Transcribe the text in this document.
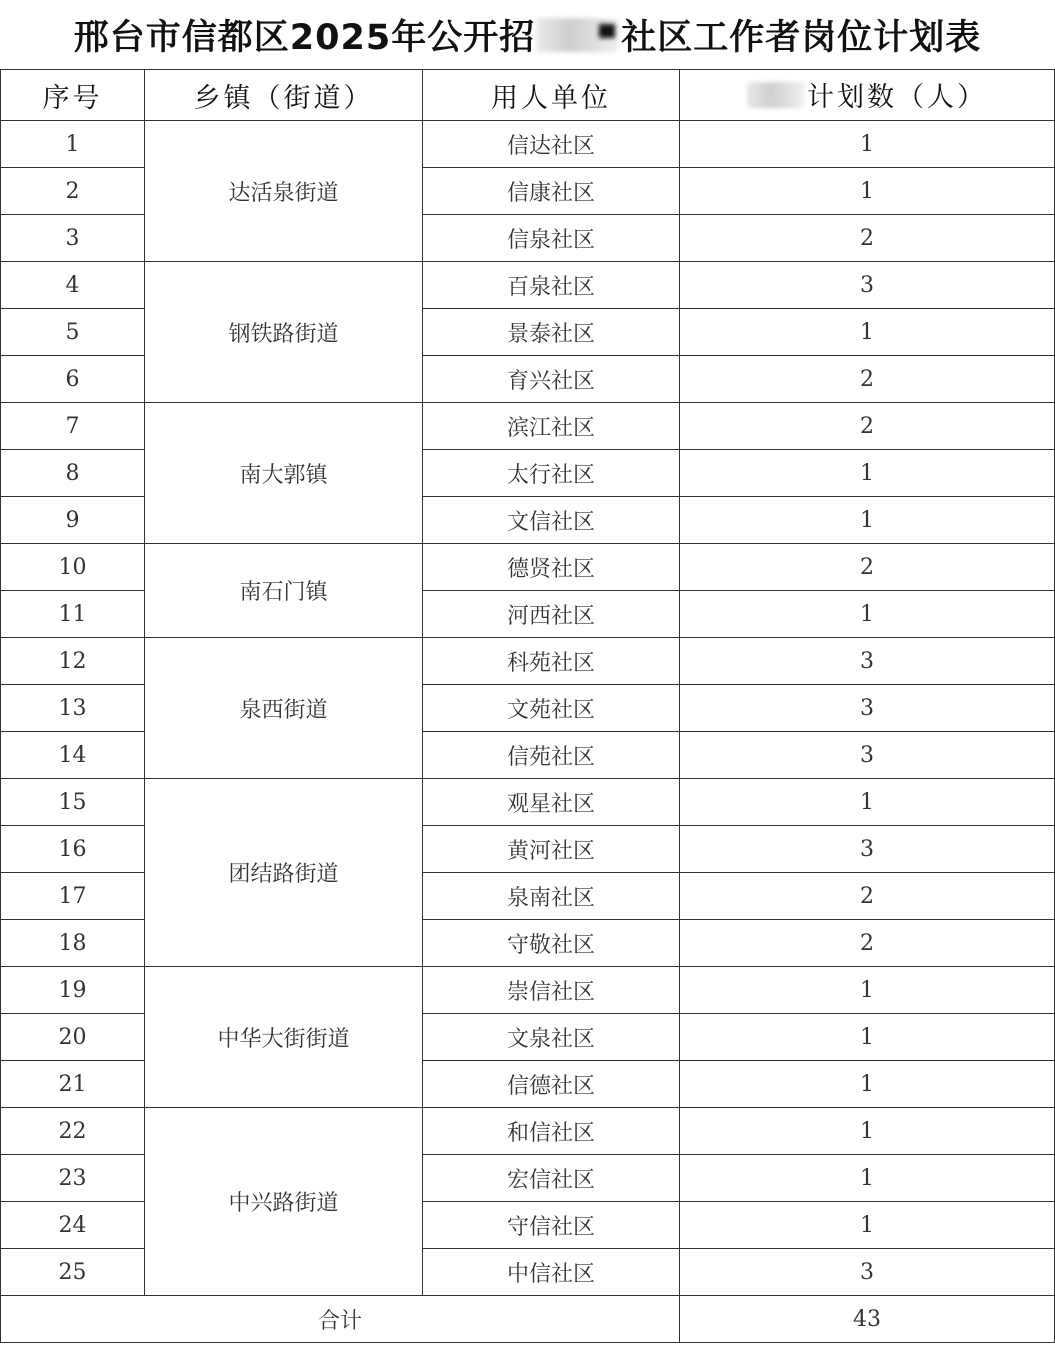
邢台市信都区2025年公开招 社区工作者岗位计划表
序号	乡镇（街道）	用人单位	计划数（人）

1	达活泉街道	信达社区	1
2		信康社区	1
3		信泉社区	2
4	钢铁路街道	百泉社区	3
5		景泰社区	1
6		育兴社区	2
7	南大郭镇	滨江社区	2
8		太行社区	1
9		文信社区	1
10	南石门镇	德贤社区	2
11		河西社区	1
12	泉西街道	科苑社区	3
13		文苑社区	3
14		信苑社区	3
15	团结路街道	观星社区	1
16		黄河社区	3
17		泉南社区	2
18		守敬社区	2
19	中华大街街道	崇信社区	1
20		文泉社区	1
21		信德社区	1
22	中兴路街道	和信社区	1
23		宏信社区	1
24		守信社区	1
25		中信社区	3
合计			43
